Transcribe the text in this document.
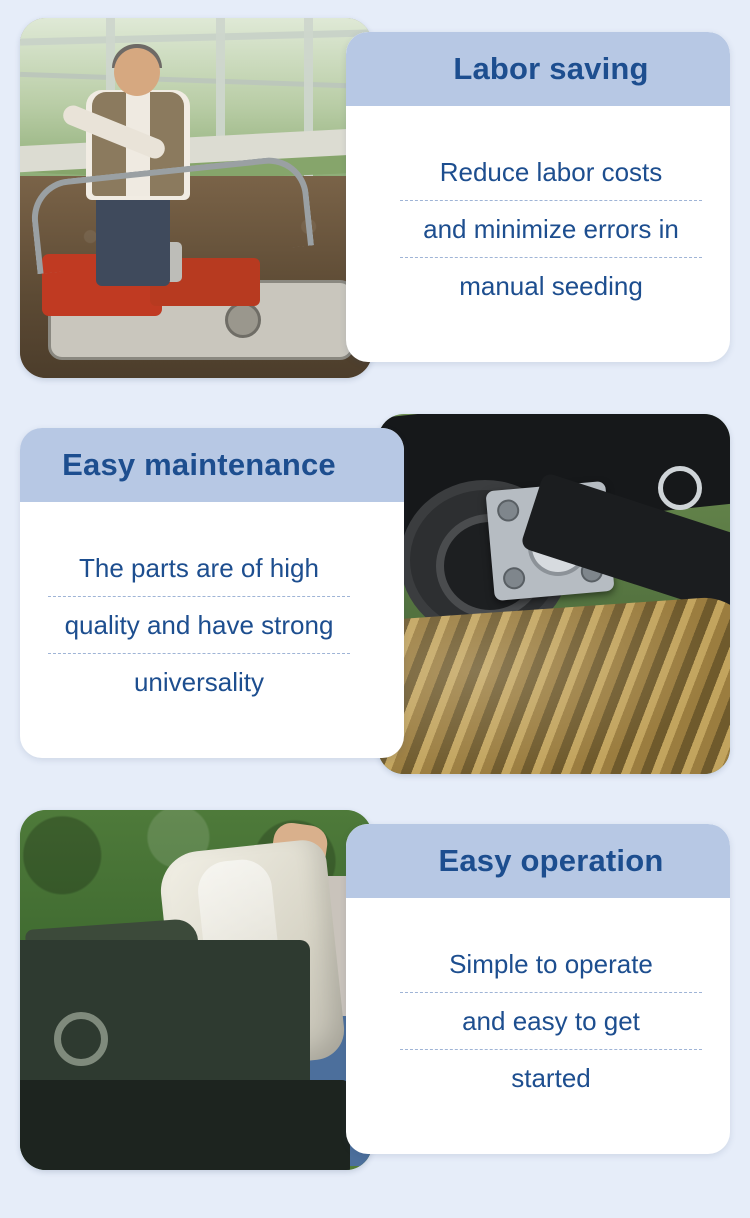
Labor saving
Reduce labor costs
and minimize errors in
manual seeding
Easy maintenance
The parts are of high
quality and have strong
universality
Easy operation
Simple to operate
and easy to get
started
